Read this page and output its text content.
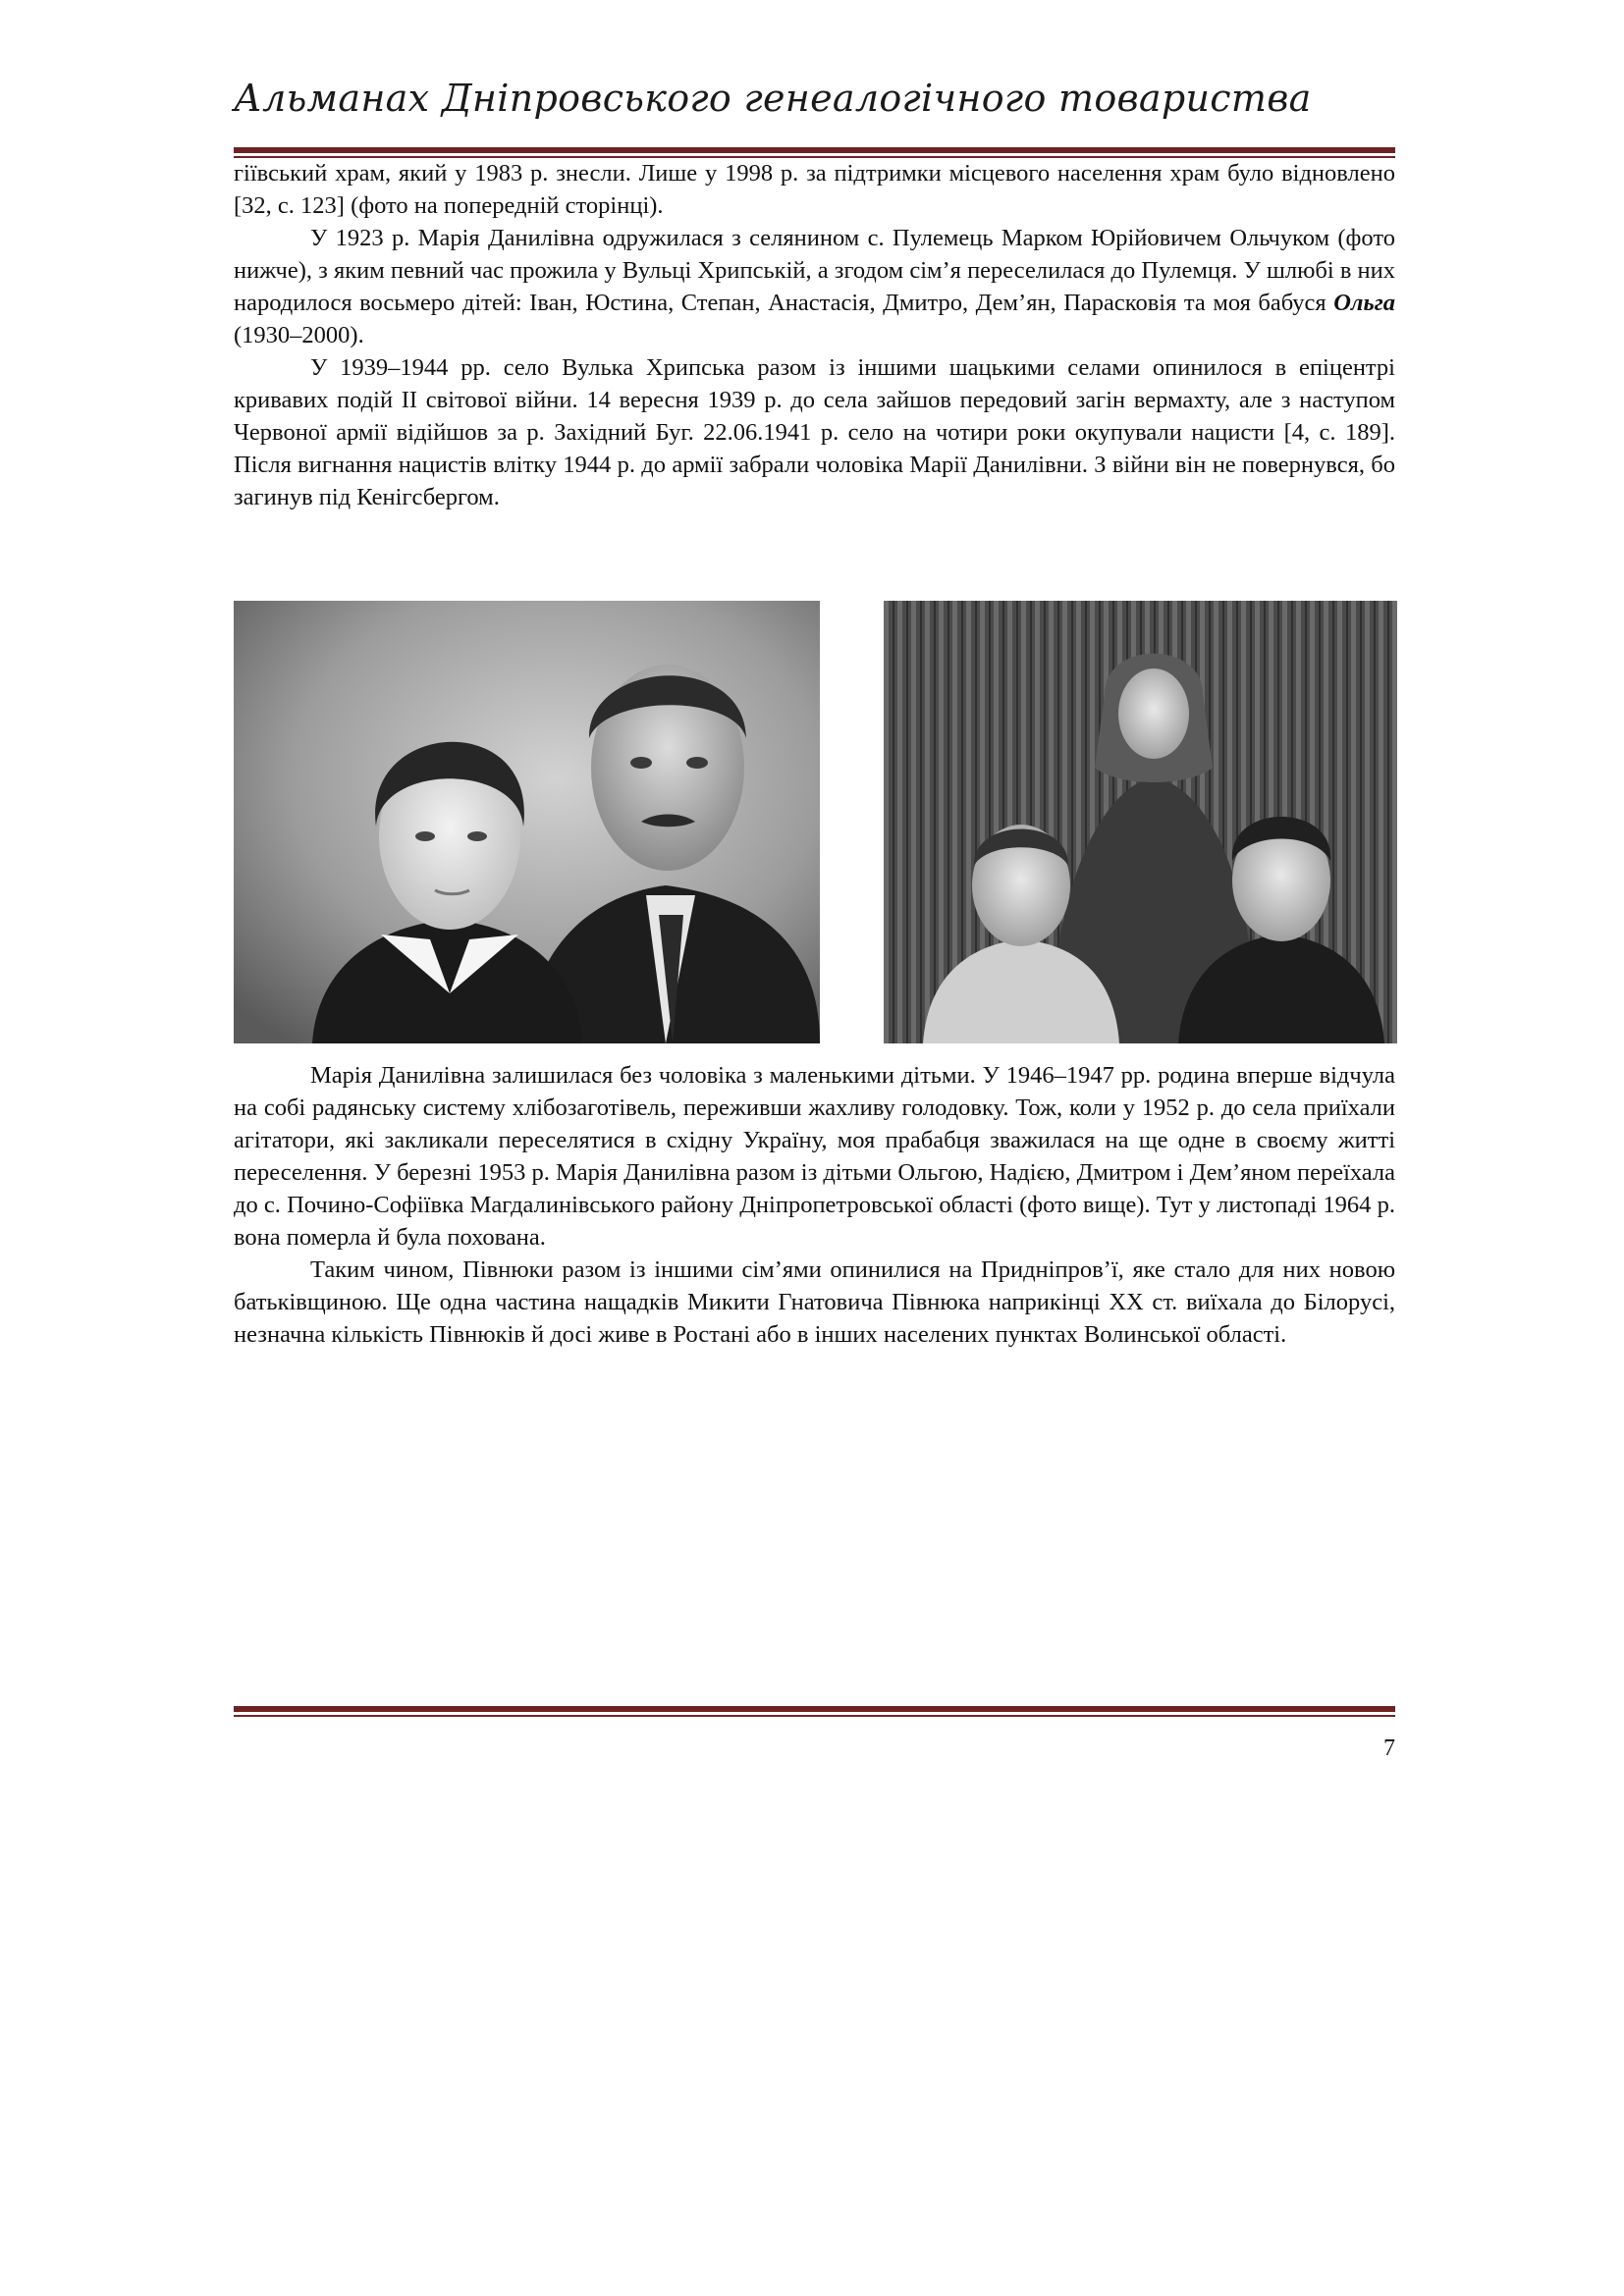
Альманах Дніпровського генеалогічного товариства

гіївський храм, який у 1983 р. знесли. Лише у 1998 р. за підтримки місцевого населення храм було відновлено [32, с. 123] (фото на попередній сторінці).

У 1923 р. Марія Данилівна одружилася з селянином с. Пулемець Марком Юрійовичем Ольчуком (фото нижче), з яким певний час прожила у Вульці Хрипській, а згодом сім’я переселилася до Пулемця. У шлюбі в них народилося восьмеро дітей: Іван, Юстина, Степан, Анастасія, Дмитро, Дем’ян, Парасковія та моя бабуся Ольга (1930–2000).

У 1939–1944 рр. село Вулька Хрипська разом із іншими шацькими селами опинилося в епіцентрі кривавих подій ІІ світової війни. 14 вересня 1939 р. до села зайшов передовий загін вермахту, але з наступом Червоної армії відійшов за р. Західний Буг. 22.06.1941 р. село на чотири роки окупували нацисти [4, с. 189]. Після вигнання нацистів влітку 1944 р. до армії забрали чоловіка Марії Данилівни. З війни він не повернувся, бо загинув під Кенігсбергом.

Марія Данилівна залишилася без чоловіка з маленькими дітьми. У 1946–1947 рр. родина вперше відчула на собі радянську систему хлібозаготівель, переживши жахливу голодовку. Тож, коли у 1952 р. до села приїхали агітатори, які закликали переселятися в східну Україну, моя прабабця зважилася на ще одне в своєму житті переселення. У березні 1953 р. Марія Данилівна разом із дітьми Ольгою, Надією, Дмитром і Дем’яном переїхала до с. Почино-Софіївка Магдалинівського району Дніпропетровської області (фото вище). Тут у листопаді 1964 р. вона померла й була похована.

Таким чином, Півнюки разом із іншими сім’ями опинилися на Придніпров’ї, яке стало для них новою батьківщиною. Ще одна частина нащадків Микити Гнатовича Півнюка наприкінці ХХ ст. виїхала до Білорусі, незначна кількість Півнюків й досі живе в Ростані або в інших населених пунктах Волинської області.

7
